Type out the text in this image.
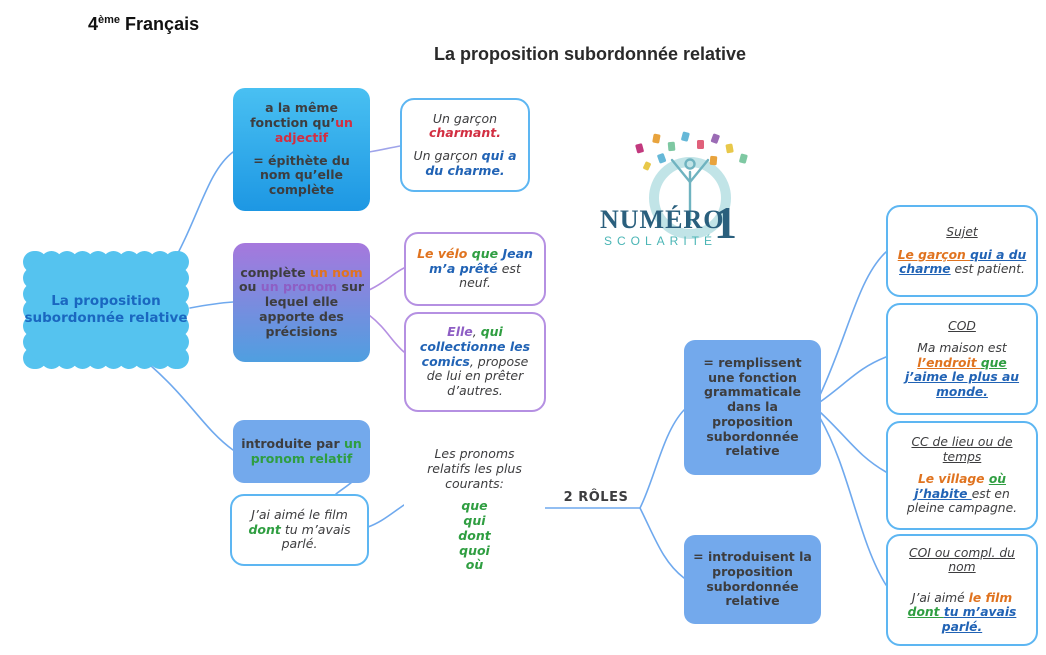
4ème Français
La proposition subordonnée relative
La proposition subordonnée relative
a la même fonction qu’un adjectif
= épithète du nom qu’elle complète
Un garçon charmant.
Un garçon qui a du charme.
complète un nom ou un pronom sur lequel elle apporte des précisions
Le vélo que Jean m’a prêté est neuf.
Elle, qui collectionne les comics, propose de lui en prêter d’autres.
introduite par un pronom relatif
J’ai aimé le film dont tu m’avais parlé.
Les pronoms relatifs les plus courants:
que
qui
dont
quoi
où
2 RÔLES
= remplissent une fonction grammaticale dans la proposition subordonnée relative
= introduisent la proposition subordonnée relative
Sujet
Le garçon qui a du charme est patient.
COD
Ma maison est l’endroit que j’aime le plus au monde.
CC de lieu ou de temps
Le village où j’habite est en pleine campagne.
COI ou compl. du nom
J’ai aimé le film dont tu m’avais parlé.
NUMÉRO
1
SCOLARITÉ
